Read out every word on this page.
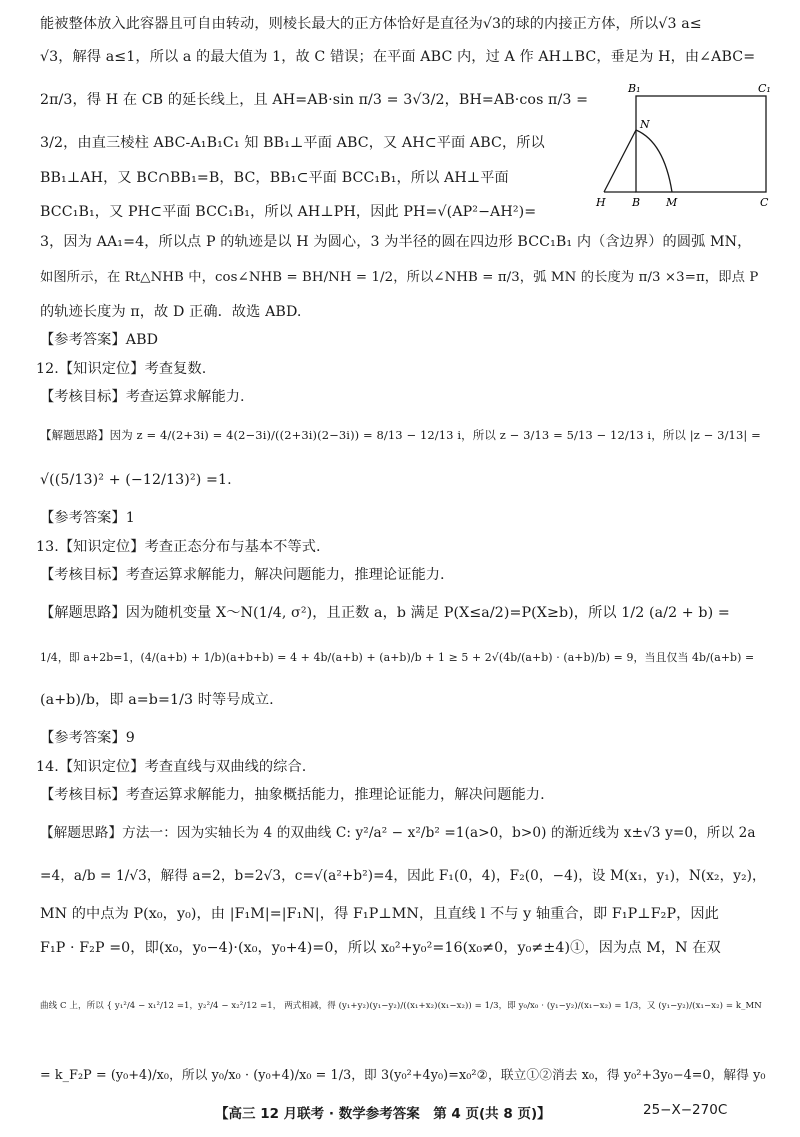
能被整体放入此容器且可自由转动，则棱长最大的正方体恰好是直径为√3的球的内接正方体，所以√3 a≤
√3，解得 a≤1，所以 a 的最大值为 1，故 C 错误；在平面 ABC 内，过 A 作 AH⊥BC，垂足为 H，由∠ABC=
2π/3，得 H 在 CB 的延长线上，且 AH=AB·sin π/3 = 3√3/2，BH=AB·cos π/3 =
3/2，由直三棱柱 ABC-A₁B₁C₁ 知 BB₁⊥平面 ABC，又 AH⊂平面 ABC，所以
BB₁⊥AH，又 BC∩BB₁=B，BC，BB₁⊂平面 BCC₁B₁，所以 AH⊥平面
BCC₁B₁，又 PH⊂平面 BCC₁B₁，所以 AH⊥PH，因此 PH=√(AP²−AH²)=
B₁	C₁
N
H B M	C
3，因为 AA₁=4，所以点 P 的轨迹是以 H 为圆心，3 为半径的圆在四边形 BCC₁B₁ 内（含边界）的圆弧 MN，
如图所示，在 Rt△NHB 中，cos∠NHB = BH/NH = 1/2，所以∠NHB = π/3，弧 MN 的长度为 π/3 ×3=π，即点 P
的轨迹长度为 π，故 D 正确．故选 ABD.
【参考答案】ABD
12.【知识定位】考查复数.
【考核目标】考查运算求解能力.
【解题思路】因为 z = 4/(2+3i) = 4(2−3i)/((2+3i)(2−3i)) = 8/13 − 12/13 i，所以 z − 3/13 = 5/13 − 12/13 i，所以 |z − 3/13| =
√((5/13)² + (−12/13)²) =1.
【参考答案】1
13.【知识定位】考查正态分布与基本不等式.
【考核目标】考查运算求解能力，解决问题能力，推理论证能力.
【解题思路】因为随机变量 X～N(1/4, σ²)，且正数 a，b 满足 P(X≤a/2)=P(X≥b)，所以 1/2 (a/2 + b) =
1/4，即 a+2b=1，(4/(a+b) + 1/b)(a+b+b) = 4 + 4b/(a+b) + (a+b)/b + 1 ≥ 5 + 2√(4b/(a+b) · (a+b)/b) = 9，当且仅当 4b/(a+b) =
(a+b)/b，即 a=b=1/3 时等号成立.
【参考答案】9
14.【知识定位】考查直线与双曲线的综合.
【考核目标】考查运算求解能力，抽象概括能力，推理论证能力，解决问题能力.
【解题思路】方法一：因为实轴长为 4 的双曲线 C: y²/a² − x²/b² =1(a>0，b>0) 的渐近线为 x±√3 y=0，所以 2a
=4，a/b = 1/√3，解得 a=2，b=2√3，c=√(a²+b²)=4，因此 F₁(0，4)，F₂(0，−4)，设 M(x₁，y₁)，N(x₂，y₂)，
MN 的中点为 P(x₀，y₀)，由 |F₁M|=|F₁N|，得 F₁P⊥MN，且直线 l 不与 y 轴重合，即 F₁P⊥F₂P，因此
F₁P · F₂P =0，即(x₀，y₀−4)·(x₀，y₀+4)=0，所以 x₀²+y₀²=16(x₀≠0，y₀≠±4)①，因为点 M，N 在双
曲线 C 上，所以 { y₁²/4 − x₁²/12 =1，y₂²/4 − x₂²/12 =1， 两式相减，得 (y₁+y₂)(y₁−y₂)/((x₁+x₂)(x₁−x₂)) = 1/3，即 y₀/x₀ · (y₁−y₂)/(x₁−x₂) = 1/3，又 (y₁−y₂)/(x₁−x₂) = k_MN
= k_F₂P = (y₀+4)/x₀，所以 y₀/x₀ · (y₀+4)/x₀ = 1/3，即 3(y₀²+4y₀)=x₀²②，联立①②消去 x₀，得 y₀²+3y₀−4=0，解得 y₀
【高三 12 月联考 · 数学参考答案　第 4 页(共 8 页)】	25−X−270C
